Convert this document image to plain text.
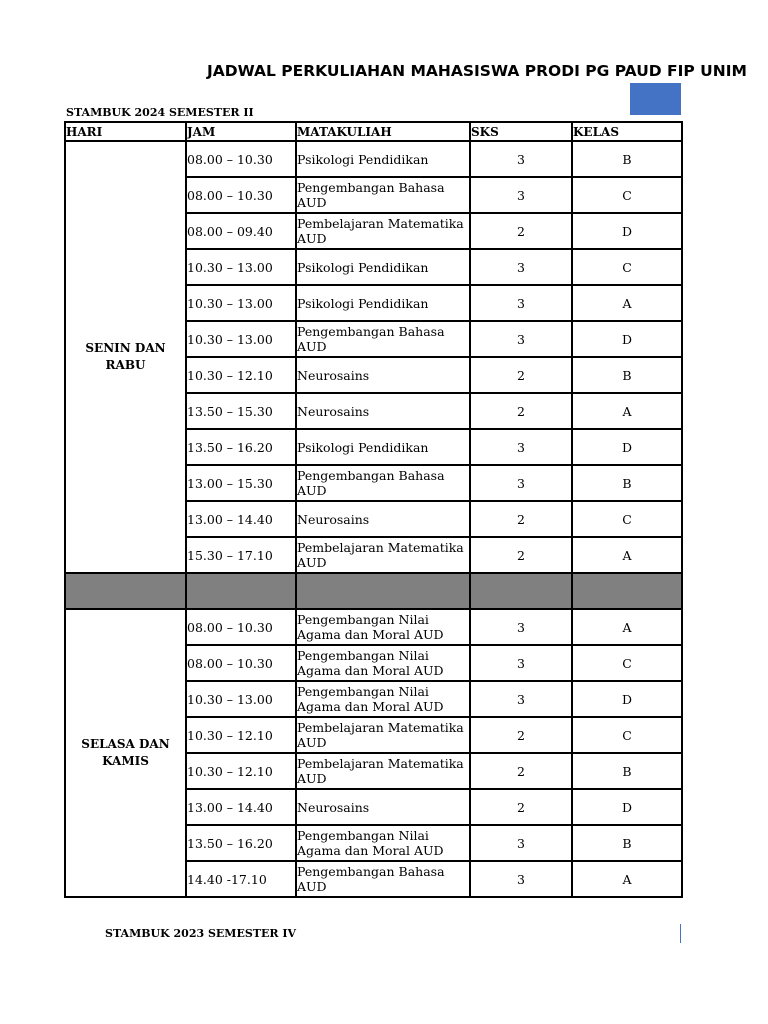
JADWAL PERKULIAHAN MAHASISWA PRODI PG PAUD FIP UNIM
STAMBUK 2024 SEMESTER II
HARI	JAM	MATAKULIAH	SKS	KELAS
SENIN DAN RABU	08.00 – 10.30	Psikologi Pendidikan	3	B
	08.00 – 10.30	Pengembangan Bahasa AUD	3	C
	08.00 – 09.40	Pembelajaran Matematika AUD	2	D
	10.30 – 13.00	Psikologi Pendidikan	3	C
	10.30 – 13.00	Psikologi Pendidikan	3	A
	10.30 – 13.00	Pengembangan Bahasa AUD	3	D
	10.30 – 12.10	Neurosains	2	B
	13.50 – 15.30	Neurosains	2	A
	13.50 – 16.20	Psikologi Pendidikan	3	D
	13.00 – 15.30	Pengembangan Bahasa AUD	3	B
	13.00 – 14.40	Neurosains	2	C
	15.30 – 17.10	Pembelajaran Matematika AUD	2	A

SELASA DAN KAMIS	08.00 – 10.30	Pengembangan Nilai Agama dan Moral AUD	3	A
	08.00 – 10.30	Pengembangan Nilai Agama dan Moral AUD	3	C
	10.30 – 13.00	Pengembangan Nilai Agama dan Moral AUD	3	D
	10.30 – 12.10	Pembelajaran Matematika AUD	2	C
	10.30 – 12.10	Pembelajaran Matematika AUD	2	B
	13.00 – 14.40	Neurosains	2	D
	13.50 – 16.20	Pengembangan Nilai Agama dan Moral AUD	3	B
	14.40 -17.10	Pengembangan Bahasa AUD	3	A
STAMBUK 2023 SEMESTER IV
